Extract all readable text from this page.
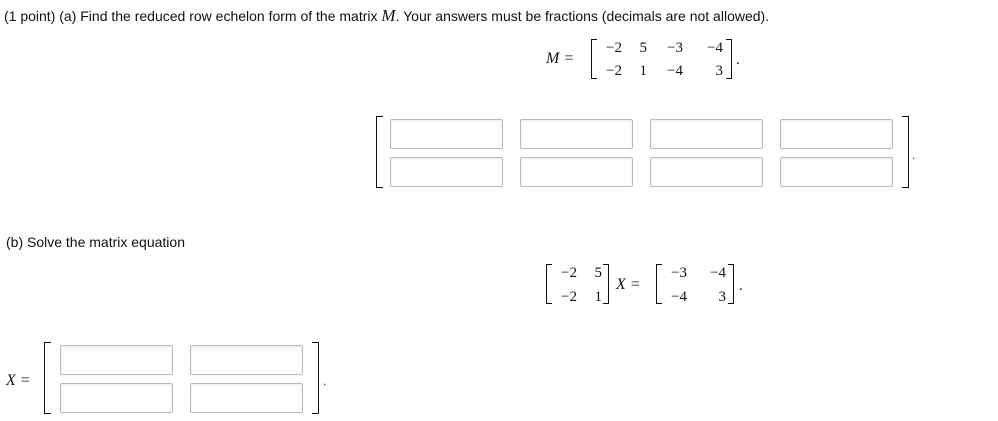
(1 point) (a) Find the reduced row echelon form of the matrix M. Your answers must be fractions (decimals are not allowed).
M =
−2	5	−3	−4
−2	1	−4	3
.
.
(b) Solve the matrix equation
−2	5
−2	1
X =
−3	−4
−4	3
.
X =	.
